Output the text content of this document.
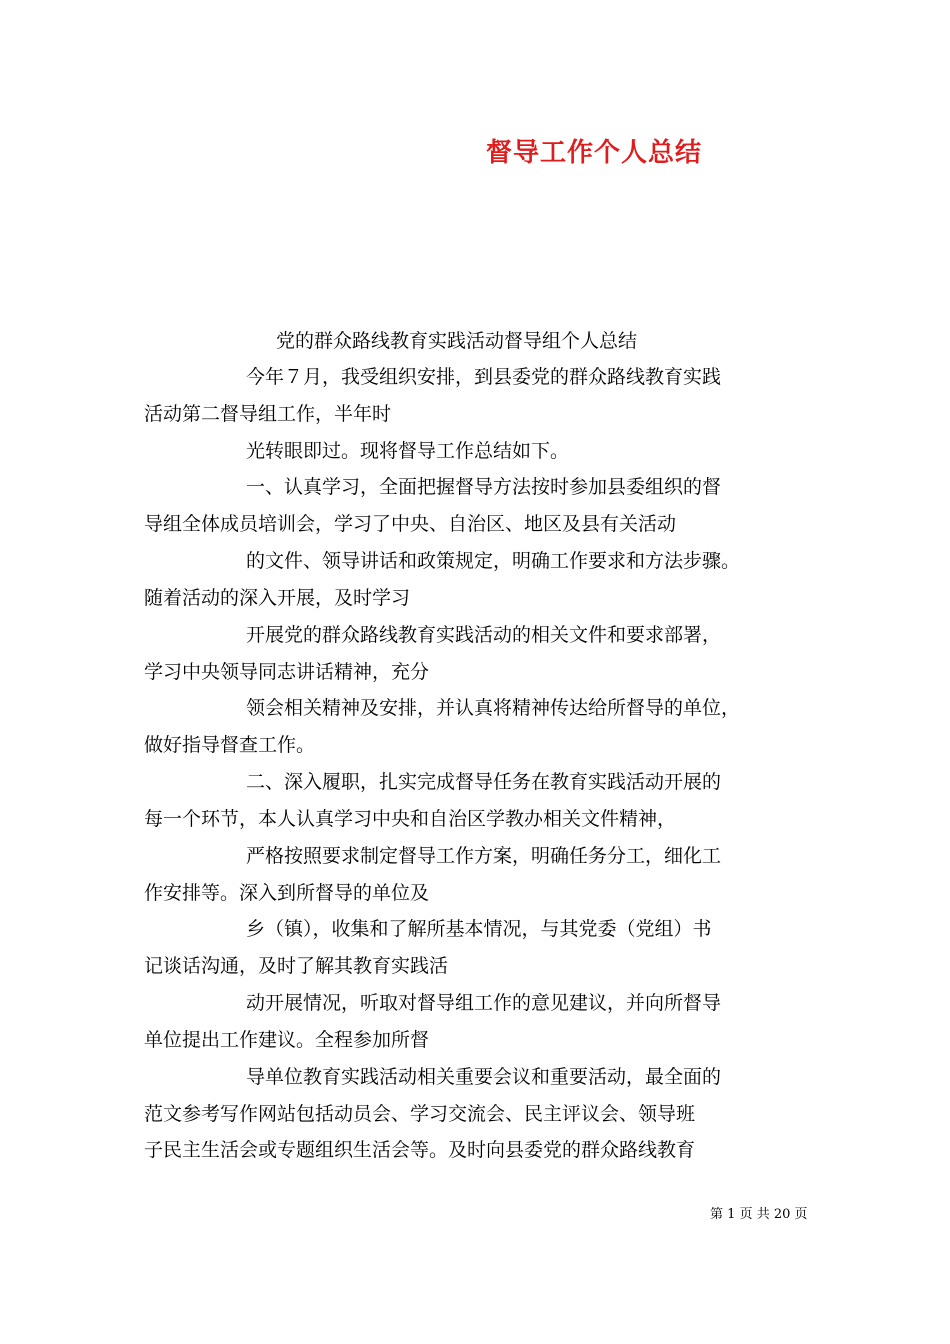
督导工作个人总结
党的群众路线教育实践活动督导组个人总结
今年７月，我受组织安排，到县委党的群众路线教育实践
活动第二督导组工作，半年时
光转眼即过。现将督导工作总结如下。
一、认真学习，全面把握督导方法按时参加县委组织的督
导组全体成员培训会，学习了中央、自治区、地区及县有关活动
的文件、领导讲话和政策规定，明确工作要求和方法步骤。
随着活动的深入开展，及时学习
开展党的群众路线教育实践活动的相关文件和要求部署，
学习中央领导同志讲话精神，充分
领会相关精神及安排，并认真将精神传达给所督导的单位，
做好指导督查工作。
二、深入履职，扎实完成督导任务在教育实践活动开展的
每一个环节，本人认真学习中央和自治区学教办相关文件精神，
严格按照要求制定督导工作方案，明确任务分工，细化工
作安排等。深入到所督导的单位及
乡（镇），收集和了解所基本情况，与其党委（党组）书
记谈话沟通，及时了解其教育实践活
动开展情况，听取对督导组工作的意见建议，并向所督导
单位提出工作建议。全程参加所督
导单位教育实践活动相关重要会议和重要活动，最全面的
范文参考写作网站包括动员会、学习交流会、民主评议会、领导班
子民主生活会或专题组织生活会等。及时向县委党的群众路线教育
第 1 页 共 20 页
